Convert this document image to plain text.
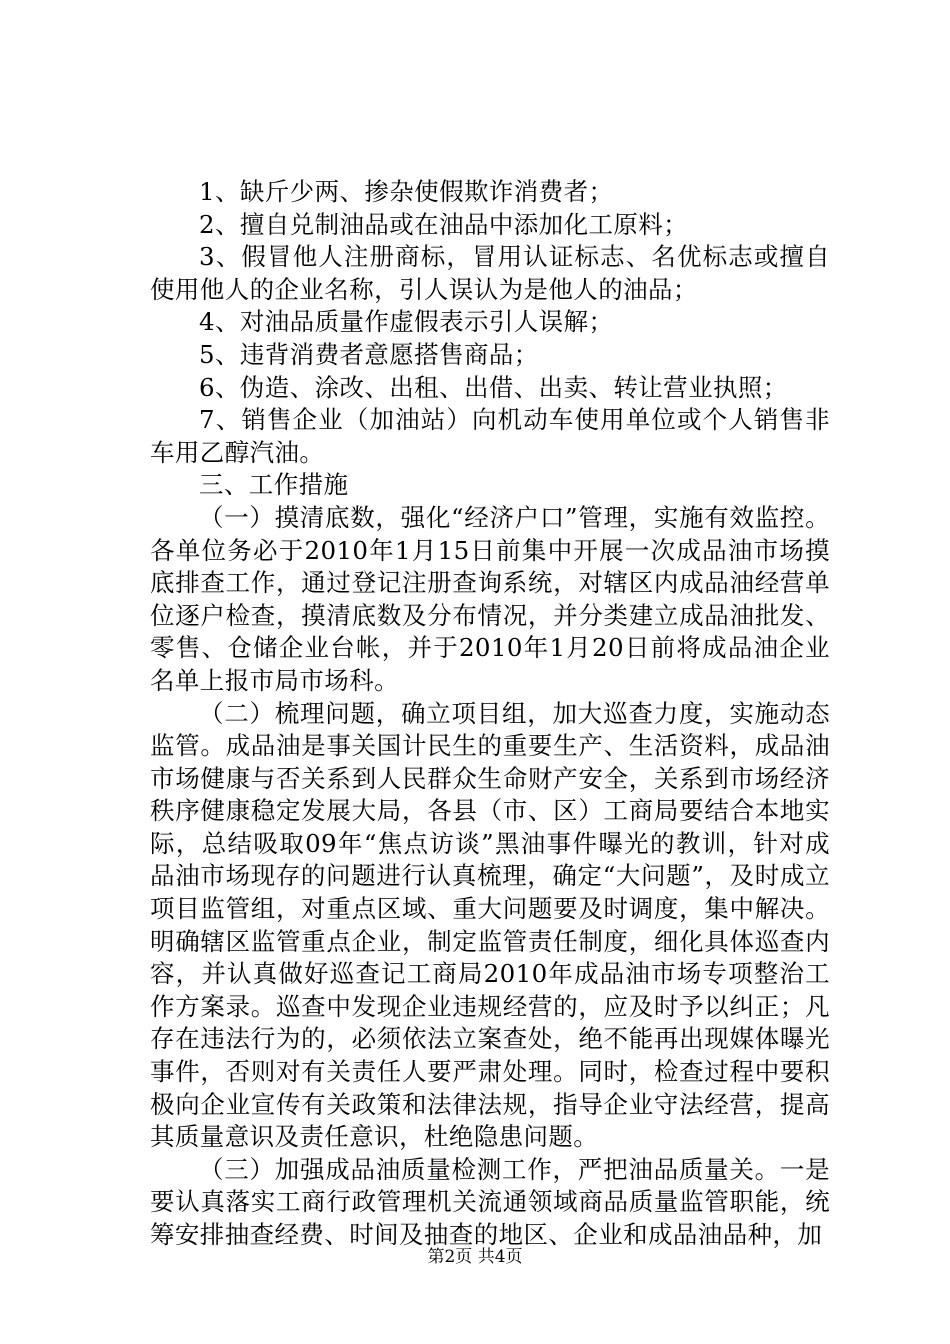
1、缺斤少两、掺杂使假欺诈消费者；

2、擅自兑制油品或在油品中添加化工原料；

3、假冒他人注册商标，冒用认证标志、名优标志或擅自使用他人的企业名称，引人误认为是他人的油品；

4、对油品质量作虚假表示引人误解；

5、违背消费者意愿搭售商品；

6、伪造、涂改、出租、出借、出卖、转让营业执照；

7、销售企业（加油站）向机动车使用单位或个人销售非车用乙醇汽油。

三、工作措施

（一）摸清底数，强化“经济户口”管理，实施有效监控。各单位务必于2010年1月15日前集中开展一次成品油市场摸底排查工作，通过登记注册查询系统，对辖区内成品油经营单位逐户检查，摸清底数及分布情况，并分类建立成品油批发、零售、仓储企业台帐，并于2010年1月20日前将成品油企业名单上报市局市场科。

（二）梳理问题，确立项目组，加大巡查力度，实施动态监管。成品油是事关国计民生的重要生产、生活资料，成品油市场健康与否关系到人民群众生命财产安全，关系到市场经济秩序健康稳定发展大局，各县（市、区）工商局要结合本地实际，总结吸取09年“焦点访谈”黑油事件曝光的教训，针对成品油市场现存的问题进行认真梳理，确定“大问题”，及时成立项目监管组，对重点区域、重大问题要及时调度，集中解决。明确辖区监管重点企业，制定监管责任制度，细化具体巡查内容，并认真做好巡查记工商局2010年成品油市场专项整治工作方案录。巡查中发现企业违规经营的，应及时予以纠正；凡存在违法行为的，必须依法立案查处，绝不能再出现媒体曝光事件，否则对有关责任人要严肃处理。同时，检查过程中要积极向企业宣传有关政策和法律法规，指导企业守法经营，提高其质量意识及责任意识，杜绝隐患问题。

（三）加强成品油质量检测工作，严把油品质量关。一是要认真落实工商行政管理机关流通领域商品质量监管职能，统筹安排抽查经费、时间及抽查的地区、企业和成品油品种，加

第2页 共4页
